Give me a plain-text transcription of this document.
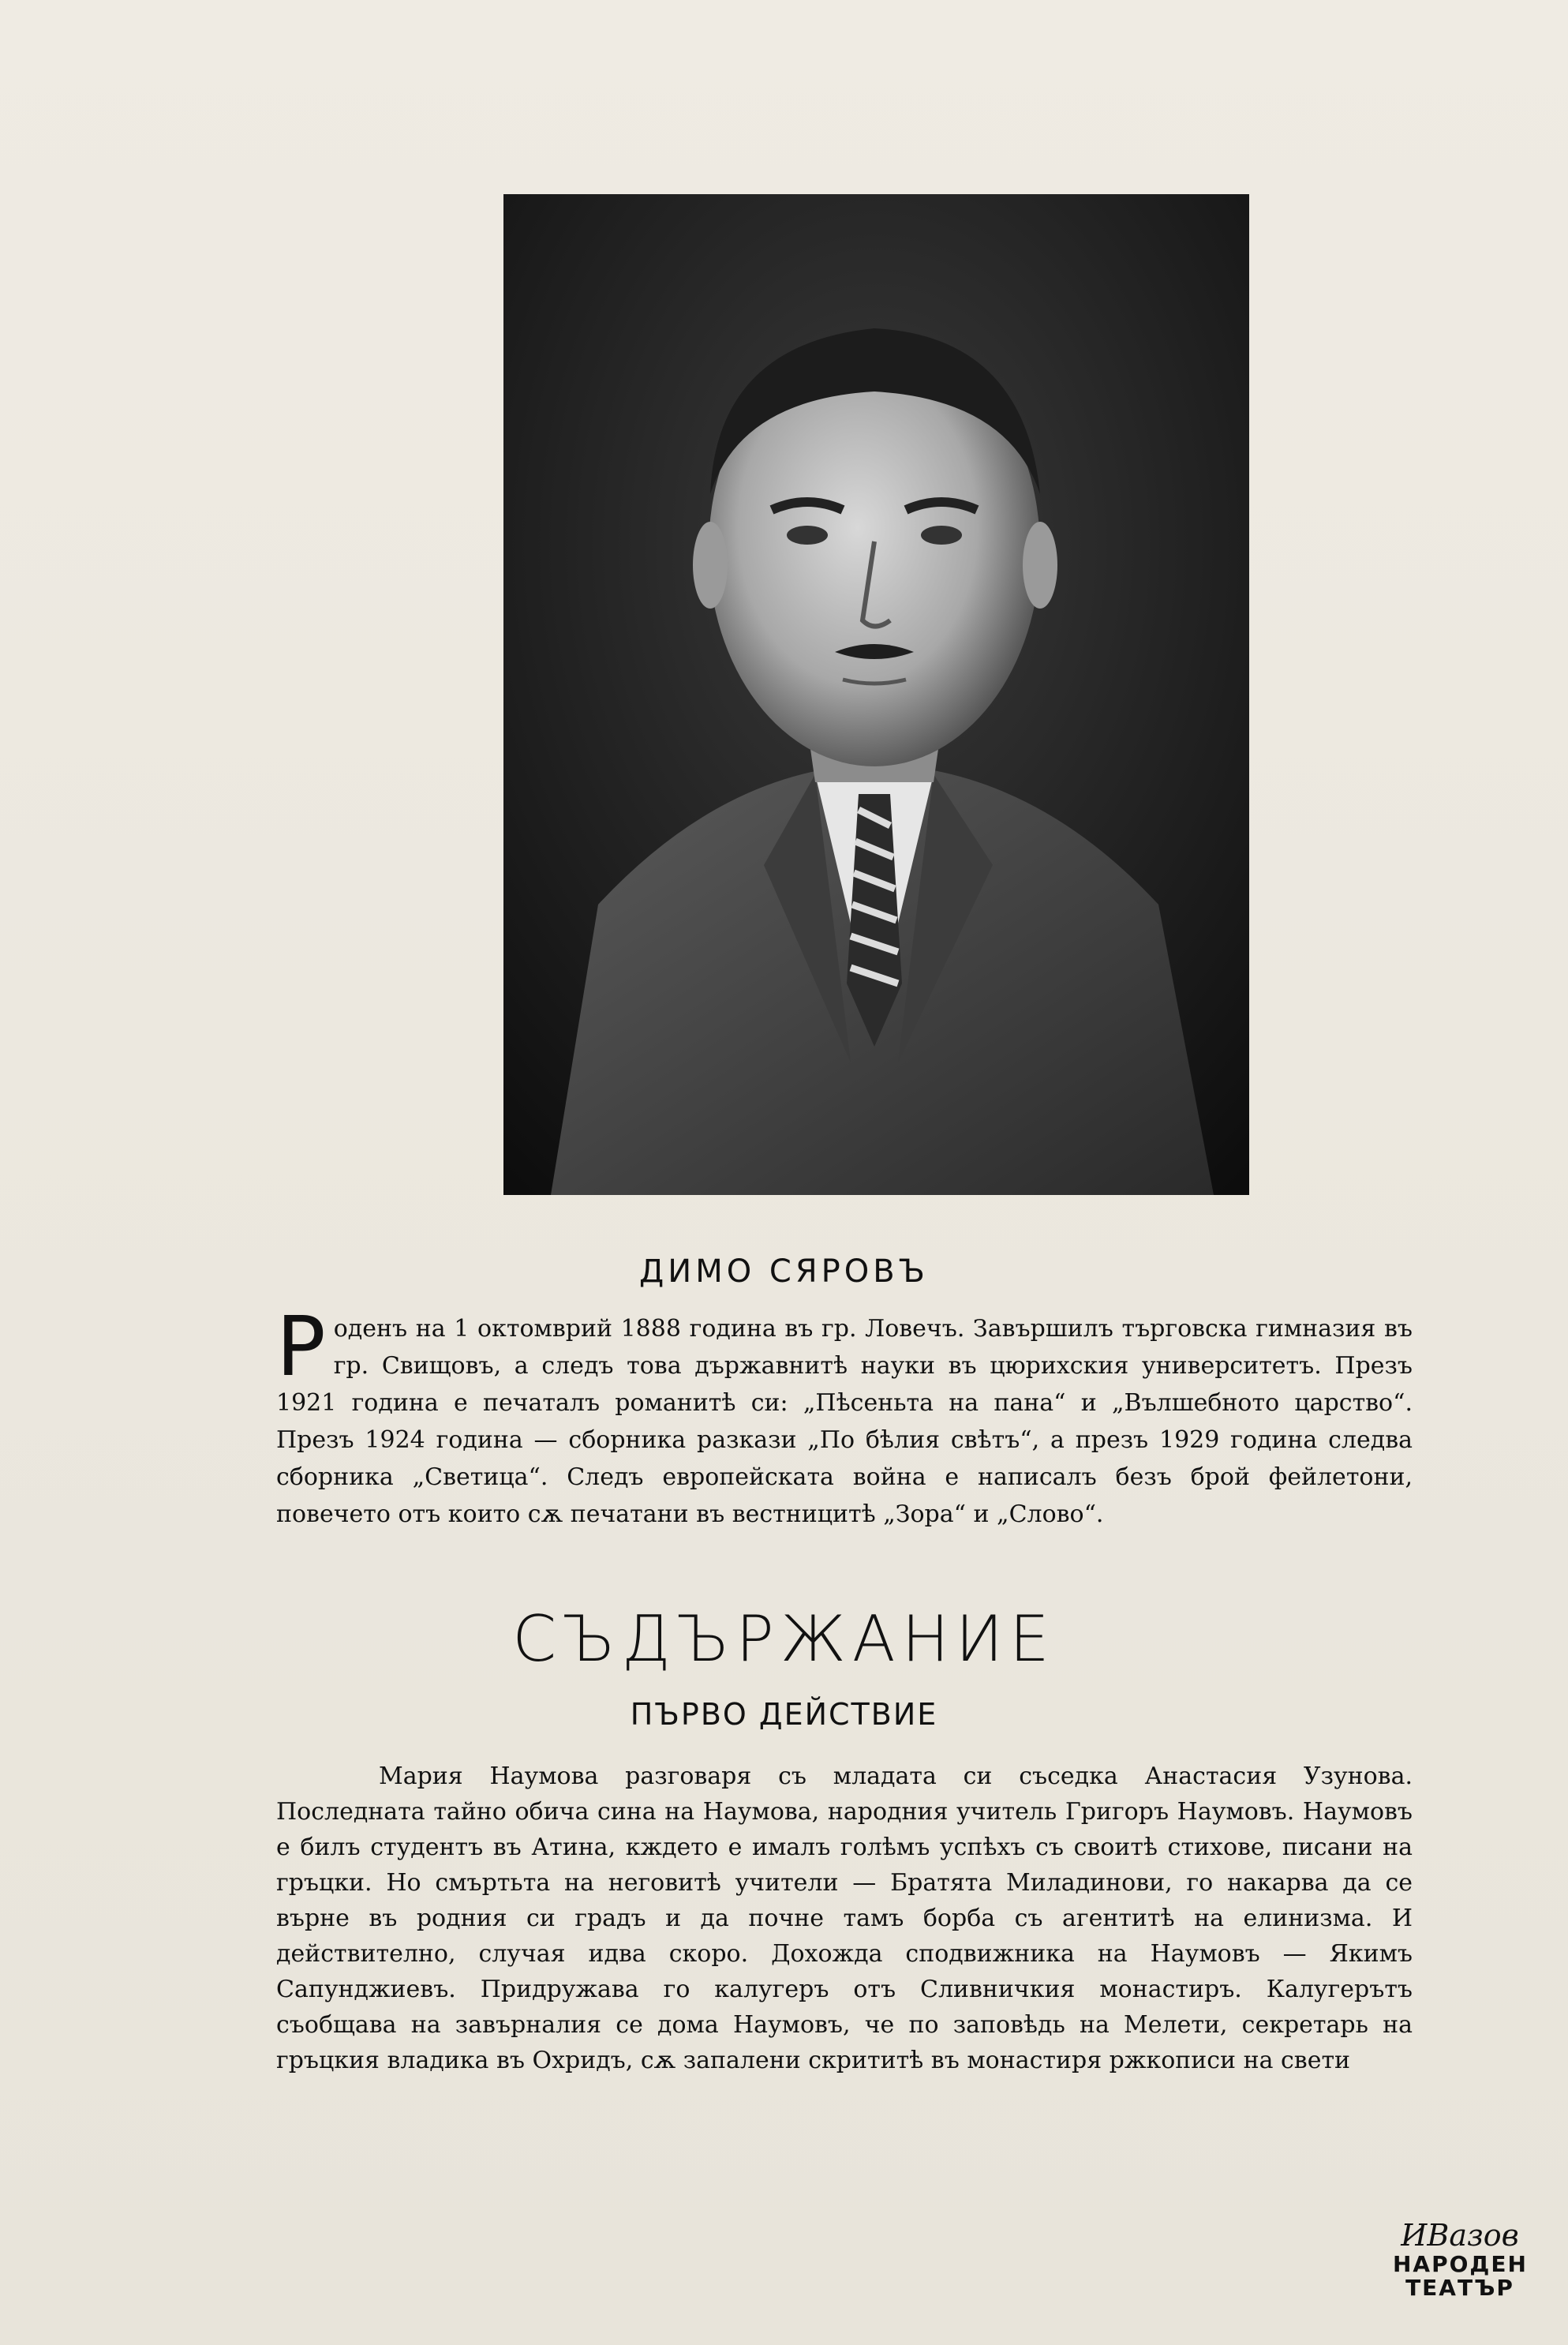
ДИМО СЯРОВЪ
Р оденъ на 1 октомврий 1888 година въ гр. Ловечъ. Завършилъ търговска гимназия въ гр. Свищовъ, а следъ това държавнитѣ науки въ цюрихския университетъ. Презъ 1921 година е печаталъ романитѣ си: „Пѣсеньта на пана“ и „Вълшебното царство“. Презъ 1924 година — сборника разкази „По бѣлия свѣтъ“, а презъ 1929 година следва сборника „Светица“. Следъ европейската война е написалъ безъ брой фейлетони, повечето отъ които сѫ печатани въ вестницитѣ „Зора“ и „Слово“.
СЪДЪРЖАНИЕ
ПЪРВО ДЕЙСТВИЕ
Мария Наумова разговаря съ младата си съседка Анастасия Узунова. Последната тайно обича сина на Наумова, народния учитель Григоръ Наумовъ. Наумовъ е билъ студентъ въ Атина, кждето е ималъ голѣмъ успѣхъ съ своитѣ стихове, писани на гръцки. Но смъртьта на неговитѣ учители — Братята Миладинови, го накарва да се върне въ родния си градъ и да почне тамъ борба съ агентитѣ на елинизма. И действително, случая идва скоро. Дохожда сподвижника на Наумовъ — Якимъ Сапунджиевъ. Придружава го калугеръ отъ Сливничкия монастиръ. Калугерътъ съобщава на завърналия се дома Наумовъ, че по заповѣдь на Мелети, секретарь на гръцкия владика въ Охридъ, сѫ запалени скрититѣ въ монастиря ржкописи на свети
ИВазов
НАРОДЕН
ТЕАТЪР
